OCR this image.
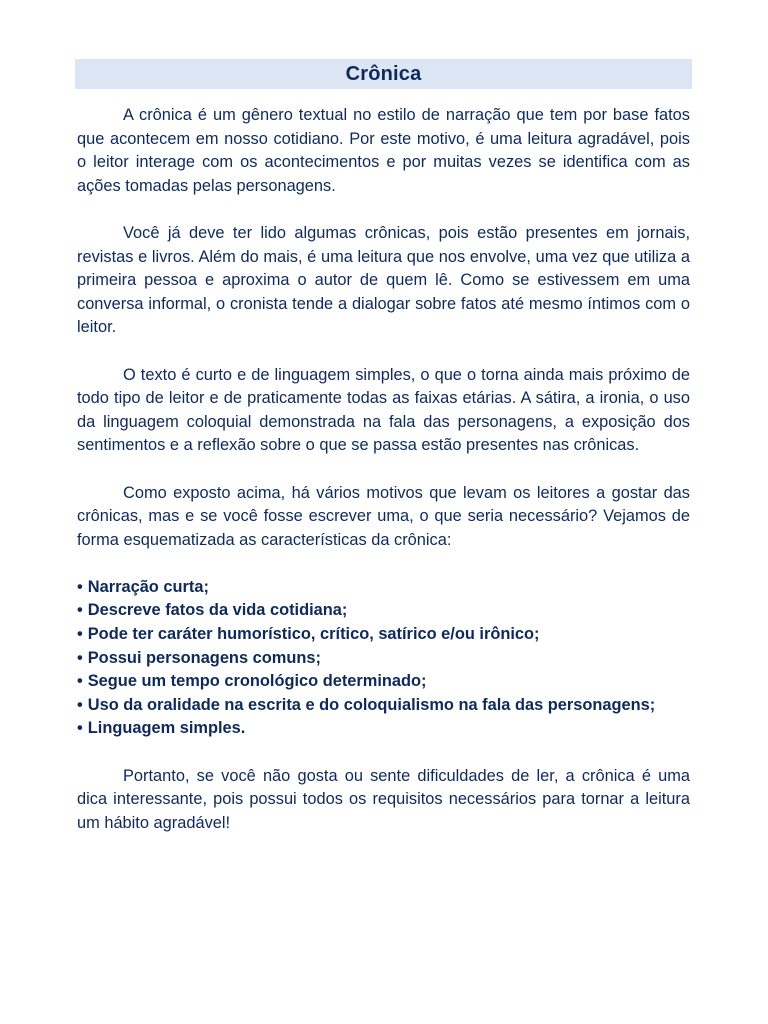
Crônica

A crônica é um gênero textual no estilo de narração que tem por base fatos que acontecem em nosso cotidiano. Por este motivo, é uma leitura agradável, pois o leitor interage com os acontecimentos e por muitas vezes se identifica com as ações tomadas pelas personagens.

Você já deve ter lido algumas crônicas, pois estão presentes em jornais, revistas e livros. Além do mais, é uma leitura que nos envolve, uma vez que utiliza a primeira pessoa e aproxima o autor de quem lê. Como se estivessem em uma conversa informal, o cronista tende a dialogar sobre fatos até mesmo íntimos com o leitor.

O texto é curto e de linguagem simples, o que o torna ainda mais próximo de todo tipo de leitor e de praticamente todas as faixas etárias. A sátira, a ironia, o uso da linguagem coloquial demonstrada na fala das personagens, a exposição dos sentimentos e a reflexão sobre o que se passa estão presentes nas crônicas.

Como exposto acima, há vários motivos que levam os leitores a gostar das crônicas, mas e se você fosse escrever uma, o que seria necessário? Vejamos de forma esquematizada as características da crônica:

• Narração curta;
• Descreve fatos da vida cotidiana;
• Pode ter caráter humorístico, crítico, satírico e/ou irônico;
• Possui personagens comuns;
• Segue um tempo cronológico determinado;
• Uso da oralidade na escrita e do coloquialismo na fala das personagens;
• Linguagem simples.

Portanto, se você não gosta ou sente dificuldades de ler, a crônica é uma dica interessante, pois possui todos os requisitos necessários para tornar a leitura um hábito agradável!
